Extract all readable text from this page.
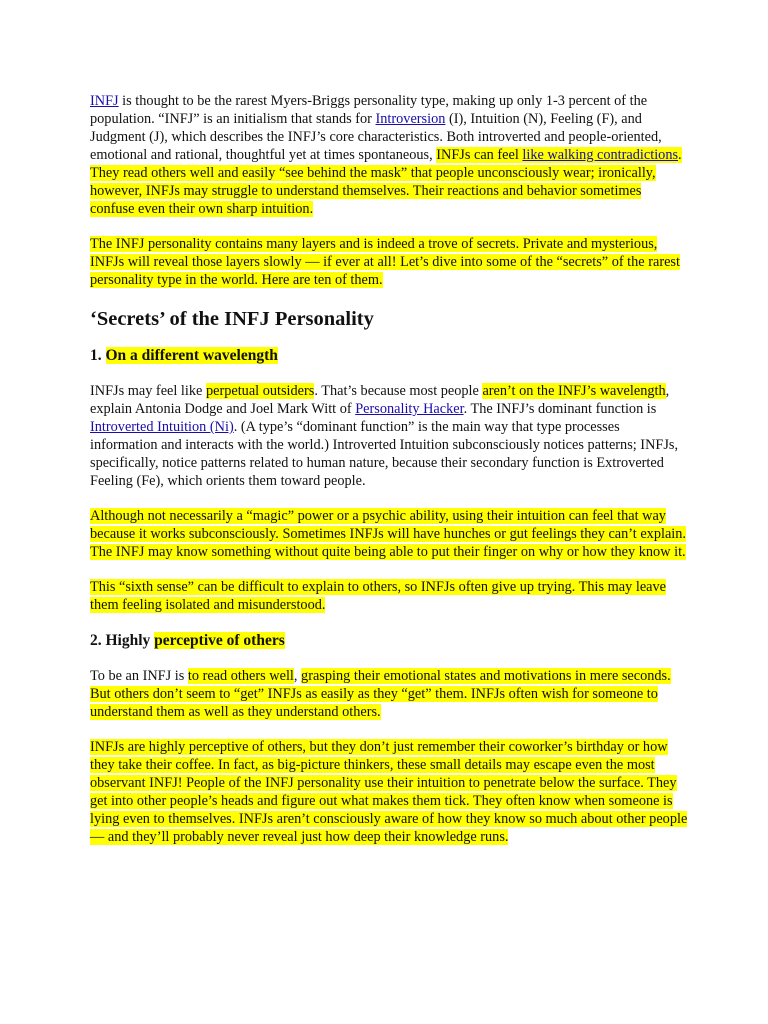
INFJ is thought to be the rarest Myers-Briggs personality type, making up only 1-3 percent of the population. “INFJ” is an initialism that stands for Introversion (I), Intuition (N), Feeling (F), and Judgment (J), which describes the INFJ’s core characteristics. Both introverted and people-oriented, emotional and rational, thoughtful yet at times spontaneous, INFJs can feel like walking contradictions. They read others well and easily “see behind the mask” that people unconsciously wear; ironically, however, INFJs may struggle to understand themselves. Their reactions and behavior sometimes confuse even their own sharp intuition.

The INFJ personality contains many layers and is indeed a trove of secrets. Private and mysterious, INFJs will reveal those layers slowly — if ever at all! Let’s dive into some of the “secrets” of the rarest personality type in the world. Here are ten of them.

‘Secrets’ of the INFJ Personality
1. On a different wavelength

INFJs may feel like perpetual outsiders. That’s because most people aren’t on the INFJ’s wavelength, explain Antonia Dodge and Joel Mark Witt of Personality Hacker. The INFJ’s dominant function is Introverted Intuition (Ni). (A type’s “dominant function” is the main way that type processes information and interacts with the world.) Introverted Intuition subconsciously notices patterns; INFJs, specifically, notice patterns related to human nature, because their secondary function is Extroverted Feeling (Fe), which orients them toward people.

Although not necessarily a “magic” power or a psychic ability, using their intuition can feel that way because it works subconsciously. Sometimes INFJs will have hunches or gut feelings they can’t explain. The INFJ may know something without quite being able to put their finger on why or how they know it.

This “sixth sense” can be difficult to explain to others, so INFJs often give up trying. This may leave them feeling isolated and misunderstood.

2. Highly perceptive of others

To be an INFJ is to read others well, grasping their emotional states and motivations in mere seconds. But others don’t seem to “get” INFJs as easily as they “get” them. INFJs often wish for someone to understand them as well as they understand others.

INFJs are highly perceptive of others, but they don’t just remember their coworker’s birthday or how they take their coffee. In fact, as big-picture thinkers, these small details may escape even the most observant INFJ! People of the INFJ personality use their intuition to penetrate below the surface. They get into other people’s heads and figure out what makes them tick. They often know when someone is lying even to themselves. INFJs aren’t consciously aware of how they know so much about other people — and they’ll probably never reveal just how deep their knowledge runs.
